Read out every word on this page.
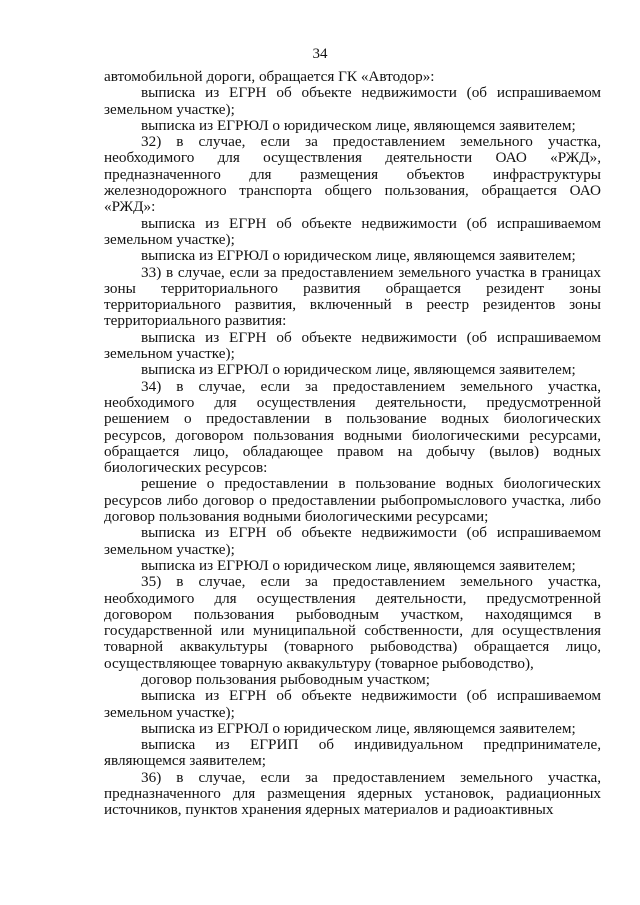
34

автомобильной дороги, обращается ГК «Автодор»:

выписка из ЕГРН об объекте недвижимости (об испрашиваемом земельном участке);

выписка из ЕГРЮЛ о юридическом лице, являющемся заявителем;

32) в случае, если за предоставлением земельного участка, необходимого для осуществления деятельности ОАО «РЖД», предназначенного для размещения объектов инфраструктуры железнодорожного транспорта общего пользования, обращается ОАО «РЖД»:

выписка из ЕГРН об объекте недвижимости (об испрашиваемом земельном участке);

выписка из ЕГРЮЛ о юридическом лице, являющемся заявителем;

33) в случае, если за предоставлением земельного участка в границах зоны территориального развития обращается резидент зоны территориального развития, включенный в реестр резидентов зоны территориального развития:

выписка из ЕГРН об объекте недвижимости (об испрашиваемом земельном участке);

выписка из ЕГРЮЛ о юридическом лице, являющемся заявителем;

34) в случае, если за предоставлением земельного участка, необходимого для осуществления деятельности, предусмотренной решением о предоставлении в пользование водных биологических ресурсов, договором пользования водными биологическими ресурсами, обращается лицо, обладающее правом на добычу (вылов) водных биологических ресурсов:

решение о предоставлении в пользование водных биологических ресурсов либо договор о предоставлении рыбопромыслового участка, либо договор пользования водными биологическими ресурсами;

выписка из ЕГРН об объекте недвижимости (об испрашиваемом земельном участке);

выписка из ЕГРЮЛ о юридическом лице, являющемся заявителем;

35) в случае, если за предоставлением земельного участка, необходимого для осуществления деятельности, предусмотренной договором пользования рыбоводным участком, находящимся в государственной или муниципальной собственности, для осуществления товарной аквакультуры (товарного рыбоводства) обращается лицо, осуществляющее товарную аквакультуру (товарное рыбоводство),

договор пользования рыбоводным участком;

выписка из ЕГРН об объекте недвижимости (об испрашиваемом земельном участке);

выписка из ЕГРЮЛ о юридическом лице, являющемся заявителем;

выписка из ЕГРИП об индивидуальном предпринимателе, являющемся заявителем;

36) в случае, если за предоставлением земельного участка, предназначенного для размещения ядерных установок, радиационных источников, пунктов хранения ядерных материалов и радиоактивных
